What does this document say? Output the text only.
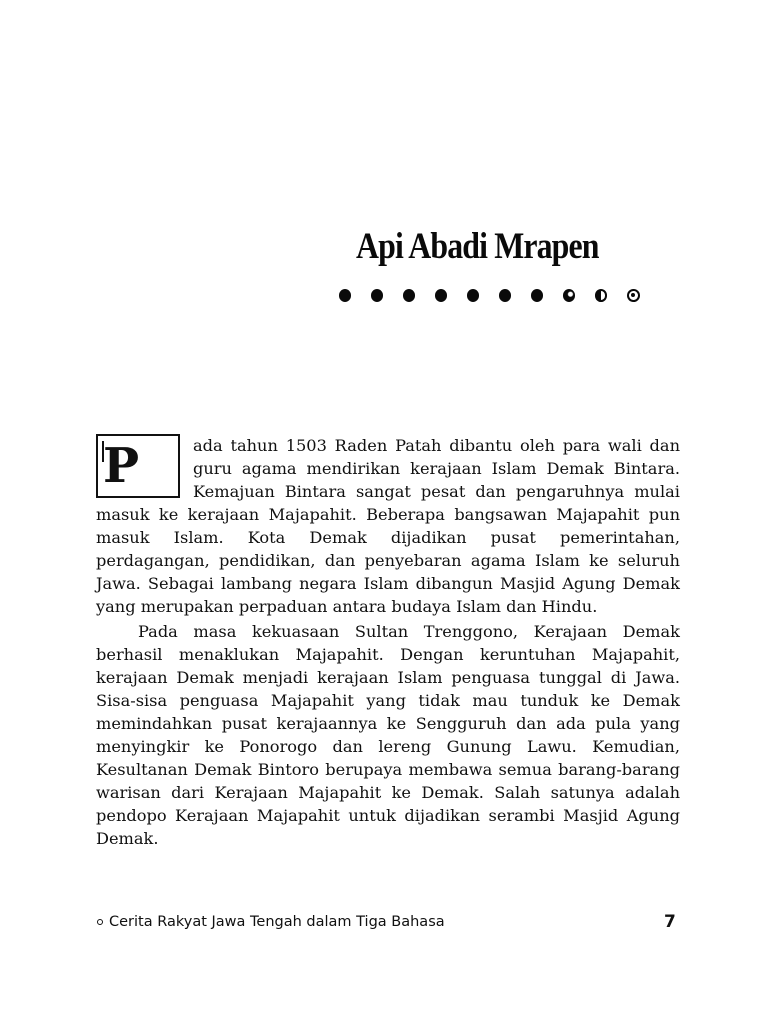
Api Abadi Mrapen

P	ada tahun 1503 Raden Patah dibantu oleh para wali dan guru agama mendirikan kerajaan Islam Demak Bintara. Kemajuan Bintara sangat pesat dan pengaruhnya mulai masuk ke kerajaan Majapahit. Beberapa bangsawan Majapahit pun masuk Islam. Kota Demak dijadikan pusat pemerintahan, perdagangan, pendidikan, dan penyebaran agama Islam ke seluruh Jawa. Sebagai lambang negara Islam dibangun Masjid Agung Demak yang merupakan perpaduan antara budaya Islam dan Hindu.

Pada masa kekuasaan Sultan Trenggono, Kerajaan Demak berhasil menaklukan Majapahit. Dengan keruntuhan Majapahit, kerajaan Demak menjadi kerajaan Islam penguasa tunggal di Jawa. Sisa-sisa penguasa Majapahit yang tidak mau tunduk ke Demak memindahkan pusat kerajaannya ke Sengguruh dan ada pula yang menyingkir ke Ponorogo dan lereng Gunung Lawu. Kemudian, Kesultanan Demak Bintoro berupaya membawa semua barang-barang warisan dari Kerajaan Majapahit ke Demak. Salah satunya adalah pendopo Kerajaan Majapahit untuk dijadikan serambi Masjid Agung Demak.

Cerita Rakyat Jawa Tengah dalam Tiga Bahasa	7
